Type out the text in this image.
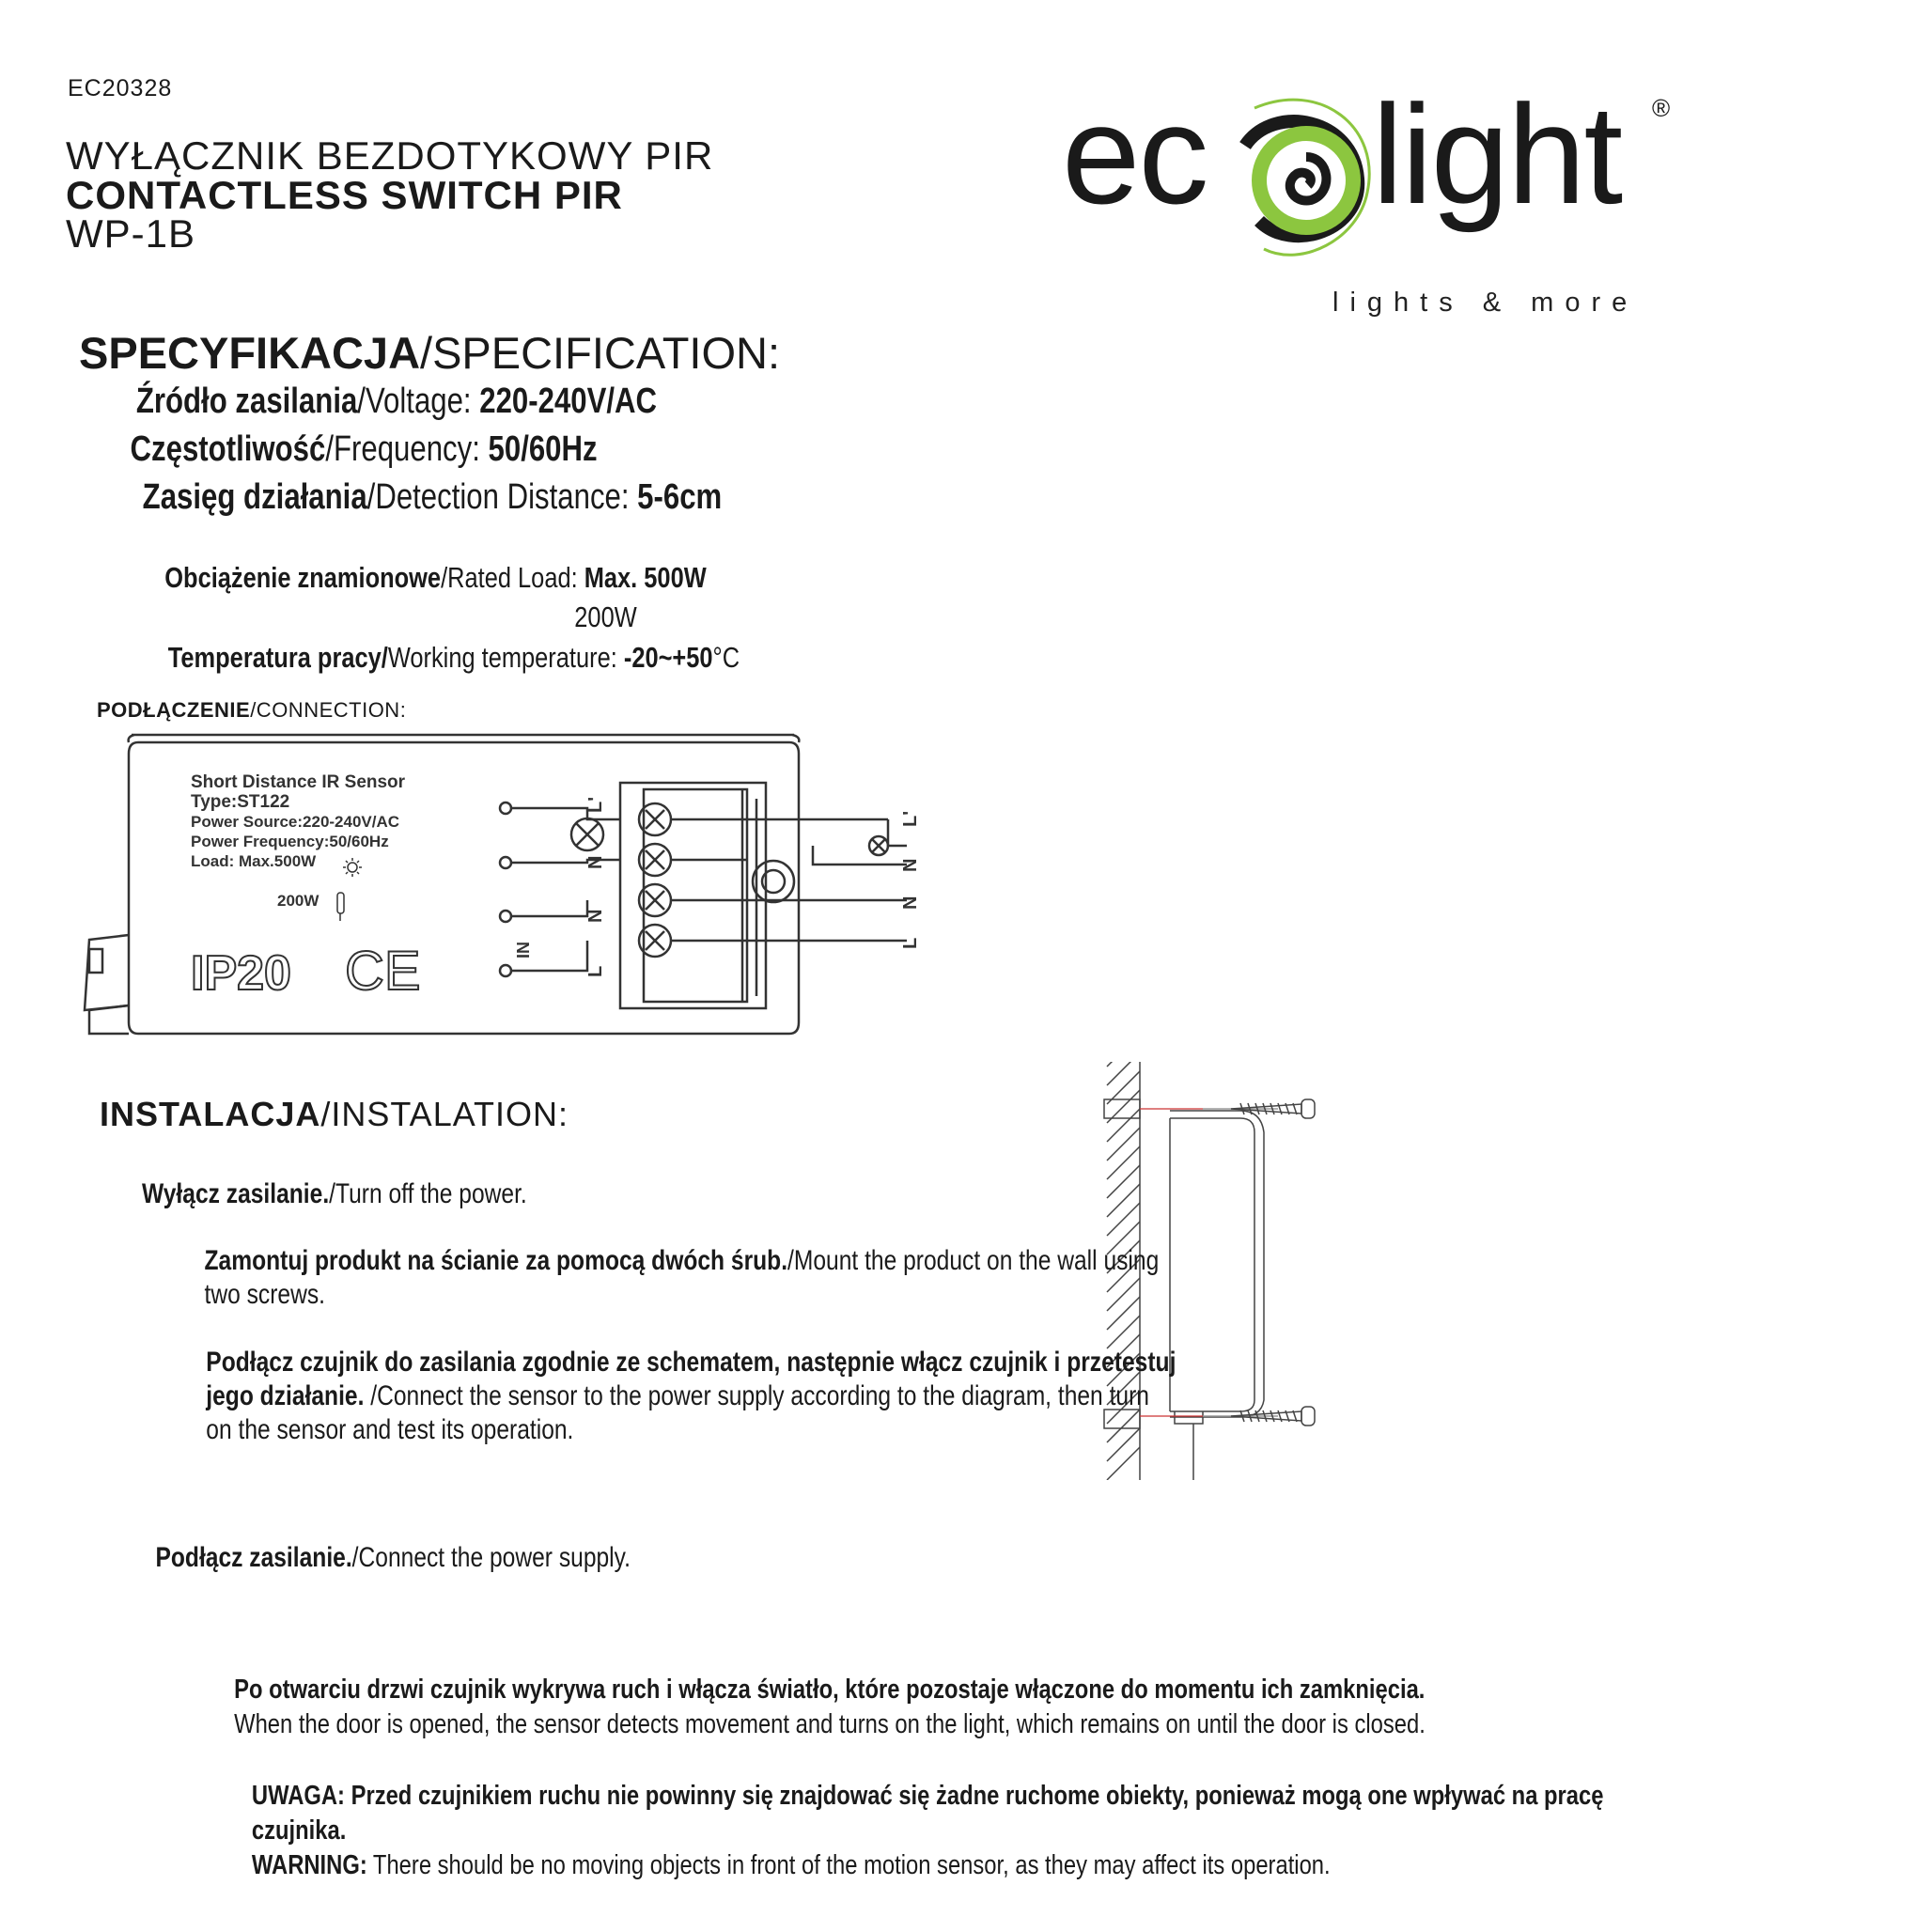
EC20328
WYŁĄCZNIK BEZDOTYKOWY PIR
CONTACTLESS SWITCH PIR
WP-1B
ec light ®
lights & more
SPECYFIKACJA/SPECIFICATION:
Źródło zasilania/Voltage: 220-240V/AC
Częstotliwość/Frequency: 50/60Hz
Zasięg działania/Detection Distance: 5-6cm
Obciążenie znamionowe/Rated Load: Max. 500W
200W
Temperatura pracy/Working temperature: -20~+50°C
PODŁĄCZENIE/CONNECTION:
Short Distance IR Sensor
Type:ST122
Power Source:220-240V/AC
Power Frequency:50/60Hz
Load: Max.500W
200W
IP20 CE
L'
N
N
L
L'
N
N
L
IN
INSTALACJA/INSTALATION:
Wyłącz zasilanie./Turn off the power.
Zamontuj produkt na ścianie za pomocą dwóch śrub./Mount the product on the wall using
two screws.
Podłącz czujnik do zasilania zgodnie ze schematem, następnie włącz czujnik i przetestuj
jego działanie. /Connect the sensor to the power supply according to the diagram, then turn
on the sensor and test its operation.
Podłącz zasilanie./Connect the power supply.
Po otwarciu drzwi czujnik wykrywa ruch i włącza światło, które pozostaje włączone do momentu ich zamknięcia.
When the door is opened, the sensor detects movement and turns on the light, which remains on until the door is closed.
UWAGA: Przed czujnikiem ruchu nie powinny się znajdować się żadne ruchome obiekty, ponieważ mogą one wpływać na pracę
czujnika.
WARNING: There should be no moving objects in front of the motion sensor, as they may affect its operation.
